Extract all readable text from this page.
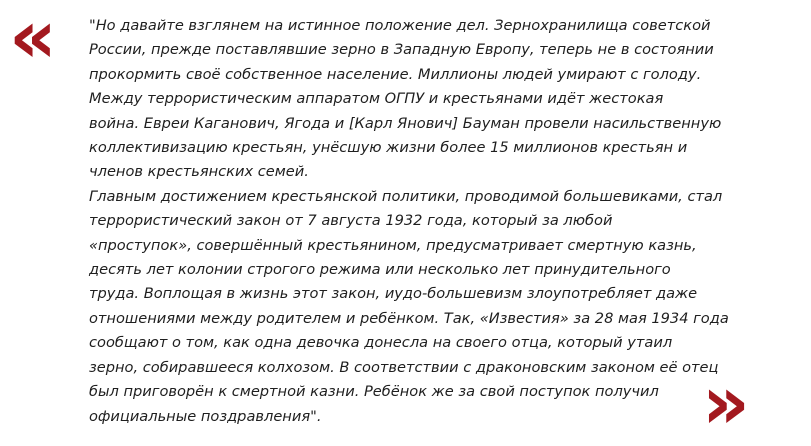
« "Но давайте взглянем на истинное положение дел. Зернохранилища советской
России, прежде поставлявшие зерно в Западную Европу, теперь не в состоянии
прокормить своё собственное население. Миллионы людей умирают с голоду.
Между террористическим аппаратом ОГПУ и крестьянами идёт жестокая
война. Евреи Каганович, Ягода и [Карл Янович] Бауман провели насильственную
коллективизацию крестьян, унёсшую жизни более 15 миллионов крестьян и
членов крестьянских семей.
Главным достижением крестьянской политики, проводимой большевиками, стал
террористический закон от 7 августа 1932 года, который за любой
«проступок», совершённый крестьянином, предусматривает смертную казнь,
десять лет колонии строгого режима или несколько лет принудительного
труда. Воплощая в жизнь этот закон, иудо-большевизм злоупотребляет даже
отношениями между родителем и ребёнком. Так, «Известия» за 28 мая 1934 года
сообщают о том, как одна девочка донесла на своего отца, который утаил
зерно, собиравшееся колхозом. В соответствии с драконовским законом её отец
был приговорён к смертной казни. Ребёнок же за свой поступок получил
официальные поздравления".	»
